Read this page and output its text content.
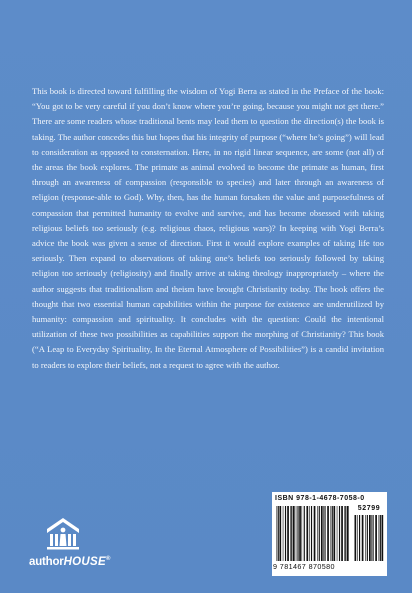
This book is directed toward fulfilling the wisdom of Yogi Berra as stated in the Preface of the book: “You got to be very careful if you don’t know where you’re going, because you might not get there.” There are some readers whose traditional bents may lead them to question the direction(s) the book is taking. The author concedes this but hopes that his integrity of purpose (“where he’s going”) will lead to consideration as opposed to consternation. Here, in no rigid linear sequence, are some (not all) of the areas the book explores. The primate as animal evolved to become the primate as human, first through an awareness of compassion (responsible to species) and later through an awareness of religion (response-able to God). Why, then, has the human forsaken the value and purposefulness of compassion that permitted humanity to evolve and survive, and has become obsessed with taking religious beliefs too seriously (e.g. religious chaos, religious wars)? In keeping with Yogi Berra’s advice the book was given a sense of direction. First it would explore examples of taking life too seriously. Then expand to observations of taking one’s beliefs too seriously followed by taking religion too seriously (religiosity) and finally arrive at taking theology inappropriately – where the author suggests that traditionalism and theism have brought Christianity today. The book offers the thought that two essential human capabilities within the purpose for existence are underutilized by humanity: compassion and spirituality. It concludes with the question: Could the intentional utilization of these two possibilities as capabilities support the morphing of Christianity? This book (“A Leap to Everyday Spirituality, In the Eternal Atmosphere of Possibilities”) is a candid invitation to readers to explore their beliefs, not a request to agree with the author.

authorHOUSE®
ISBN 978-1-4678-7058-0
52799
9 781467 870580
